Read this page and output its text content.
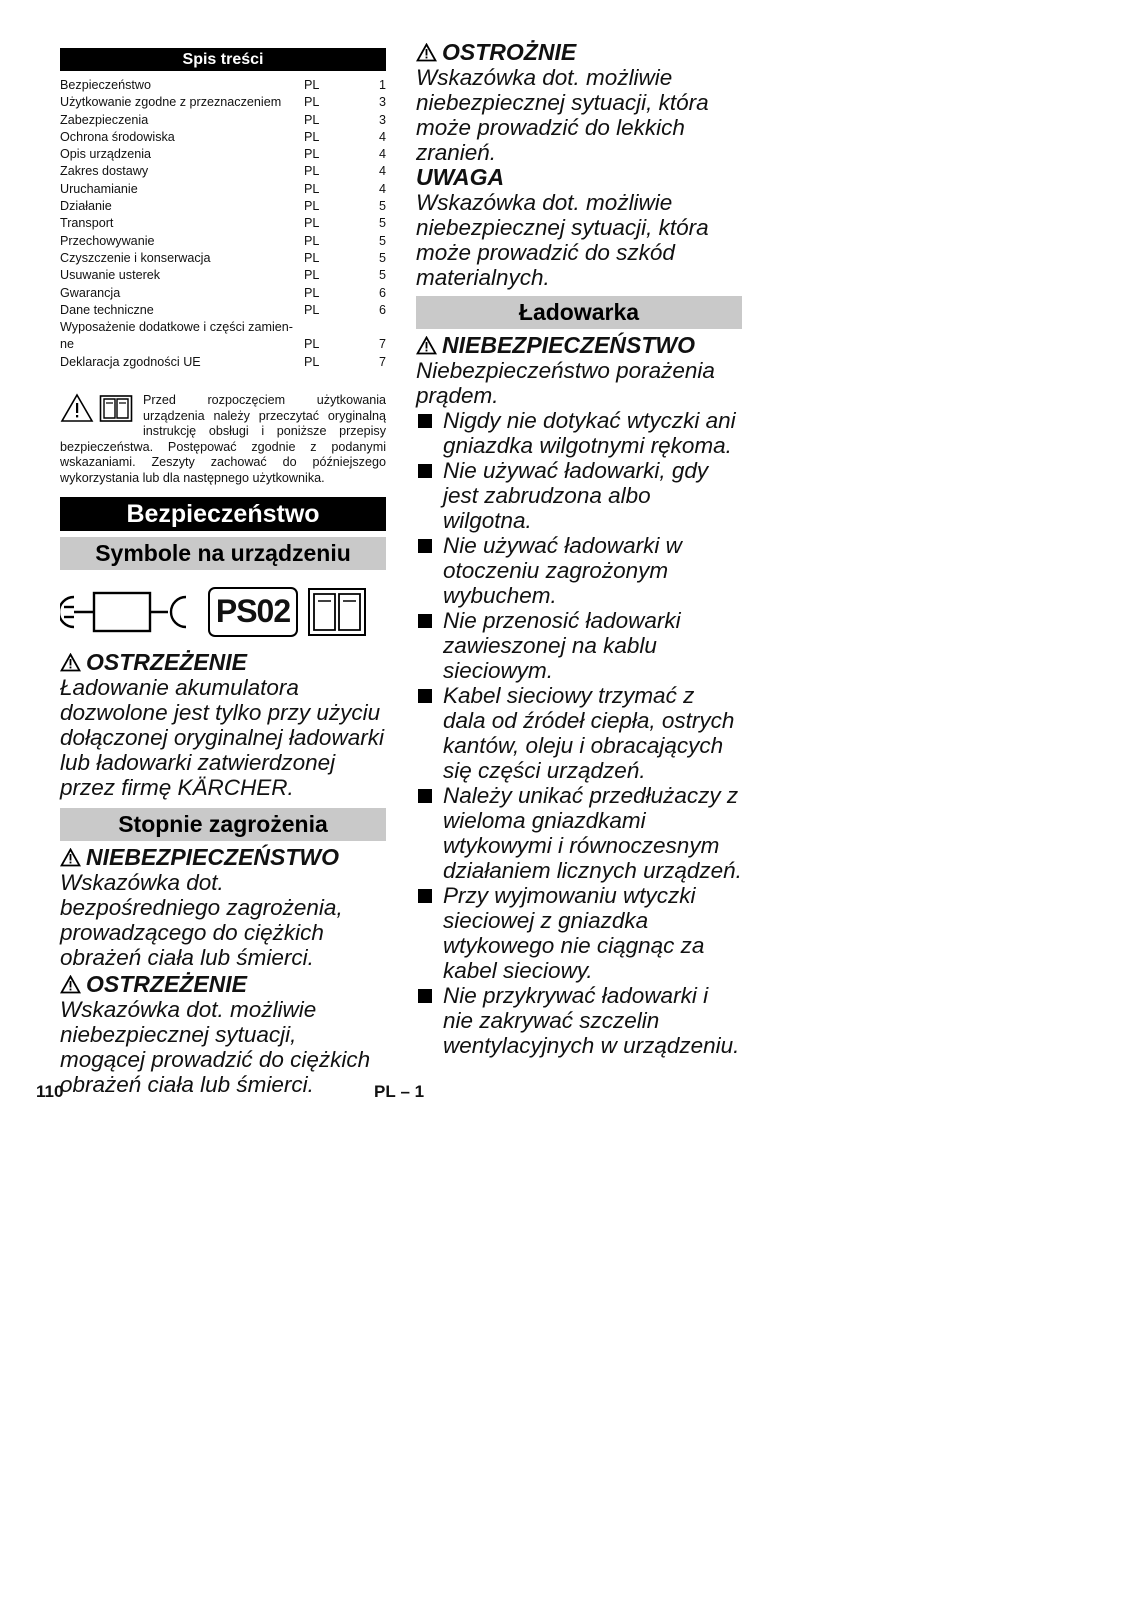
Spis treści
Bezpieczeństwo	PL	1
Użytkowanie zgodne z przeznaczeniem PL	3
Zabezpieczenia	PL	3
Ochrona środowiska	PL	4
Opis urządzenia	PL	4
Zakres dostawy	PL	4
Uruchamianie	PL	4
Działanie	PL	5
Transport	PL	5
Przechowywanie	PL	5
Czyszczenie i konserwacja	PL	5
Usuwanie usterek	PL	5
Gwarancja	PL	6
Dane techniczne	PL	6
Wyposażenie dodatkowe i części zamien-ne	PL	7
Deklaracja zgodności UE	PL	7
Przed rozpoczęciem użytkowania urządzenia należy przeczytać oryginalną instrukcję obsługi i poniższe przepisy bezpieczeństwa. Postępować zgodnie z podanymi wskazaniami. Zeszyty zachować do późniejszego wykorzystania lub dla następnego użytkownika.
Bezpieczeństwo
Symbole na urządzeniu
PS02
OSTRZEŻENIE
Ładowanie akumulatora dozwolone jest tylko przy użyciu dołączonej oryginalnej ładowarki lub ładowarki zatwierdzonej przez firmę KÄRCHER.
Stopnie zagrożenia
NIEBEZPIECZEŃSTWO
Wskazówka dot. bezpośredniego zagrożenia, prowadzącego do ciężkich obrażeń ciała lub śmierci.
OSTRZEŻENIE
Wskazówka dot. możliwie niebezpiecznej sytuacji, mogącej prowadzić do ciężkich obrażeń ciała lub śmierci.
OSTROŻNIE
Wskazówka dot. możliwie niebezpiecznej sytuacji, która może prowadzić do lekkich zranień.
UWAGA
Wskazówka dot. możliwie niebezpiecznej sytuacji, która może prowadzić do szkód materialnych.
Ładowarka
NIEBEZPIECZEŃSTWO
Niebezpieczeństwo porażenia prądem.
Nigdy nie dotykać wtyczki ani gniazdka wilgotnymi rękoma.
Nie używać ładowarki, gdy jest zabrudzona albo wilgotna.
Nie używać ładowarki w otoczeniu zagrożonym wybuchem.
Nie przenosić ładowarki zawieszonej na kablu sieciowym.
Kabel sieciowy trzymać z dala od źródeł ciepła, ostrych kantów, oleju i obracających się części urządzeń.
Należy unikać przedłużaczy z wieloma gniazdkami wtykowymi i równoczesnym działaniem licznych urządzeń.
Przy wyjmowaniu wtyczki sieciowej z gniazdka wtykowego nie ciągnąc za kabel sieciowy.
Nie przykrywać ładowarki i nie zakrywać szczelin wentylacyjnych w urządzeniu.
110	PL – 1
